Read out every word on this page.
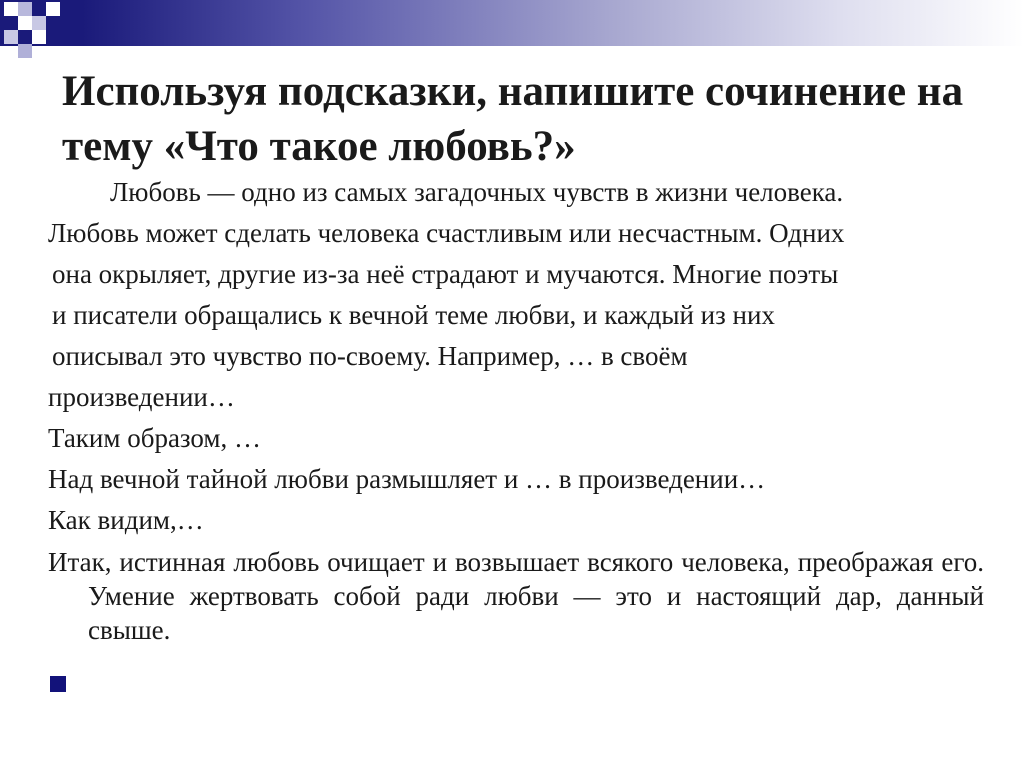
Используя подсказки, напишите сочинение на тему «Что такое любовь?»
Любовь — одно из самых загадочных чувств в жизни человека.
Любовь может сделать человека счастливым или несчастным. Одних
она окрыляет, другие из-за неё страдают и мучаются. Многие поэты
и писатели обращались к вечной теме любви, и каждый из них
описывал это чувство по-своему. Например, … в своём
произведении…
Таким образом, …
Над вечной тайной любви размышляет и … в произведении…
Как видим,…
Итак, истинная любовь очищает и возвышает всякого человека, преображая его. Умение жертвовать собой ради любви — это и настоящий дар, данный свыше.
